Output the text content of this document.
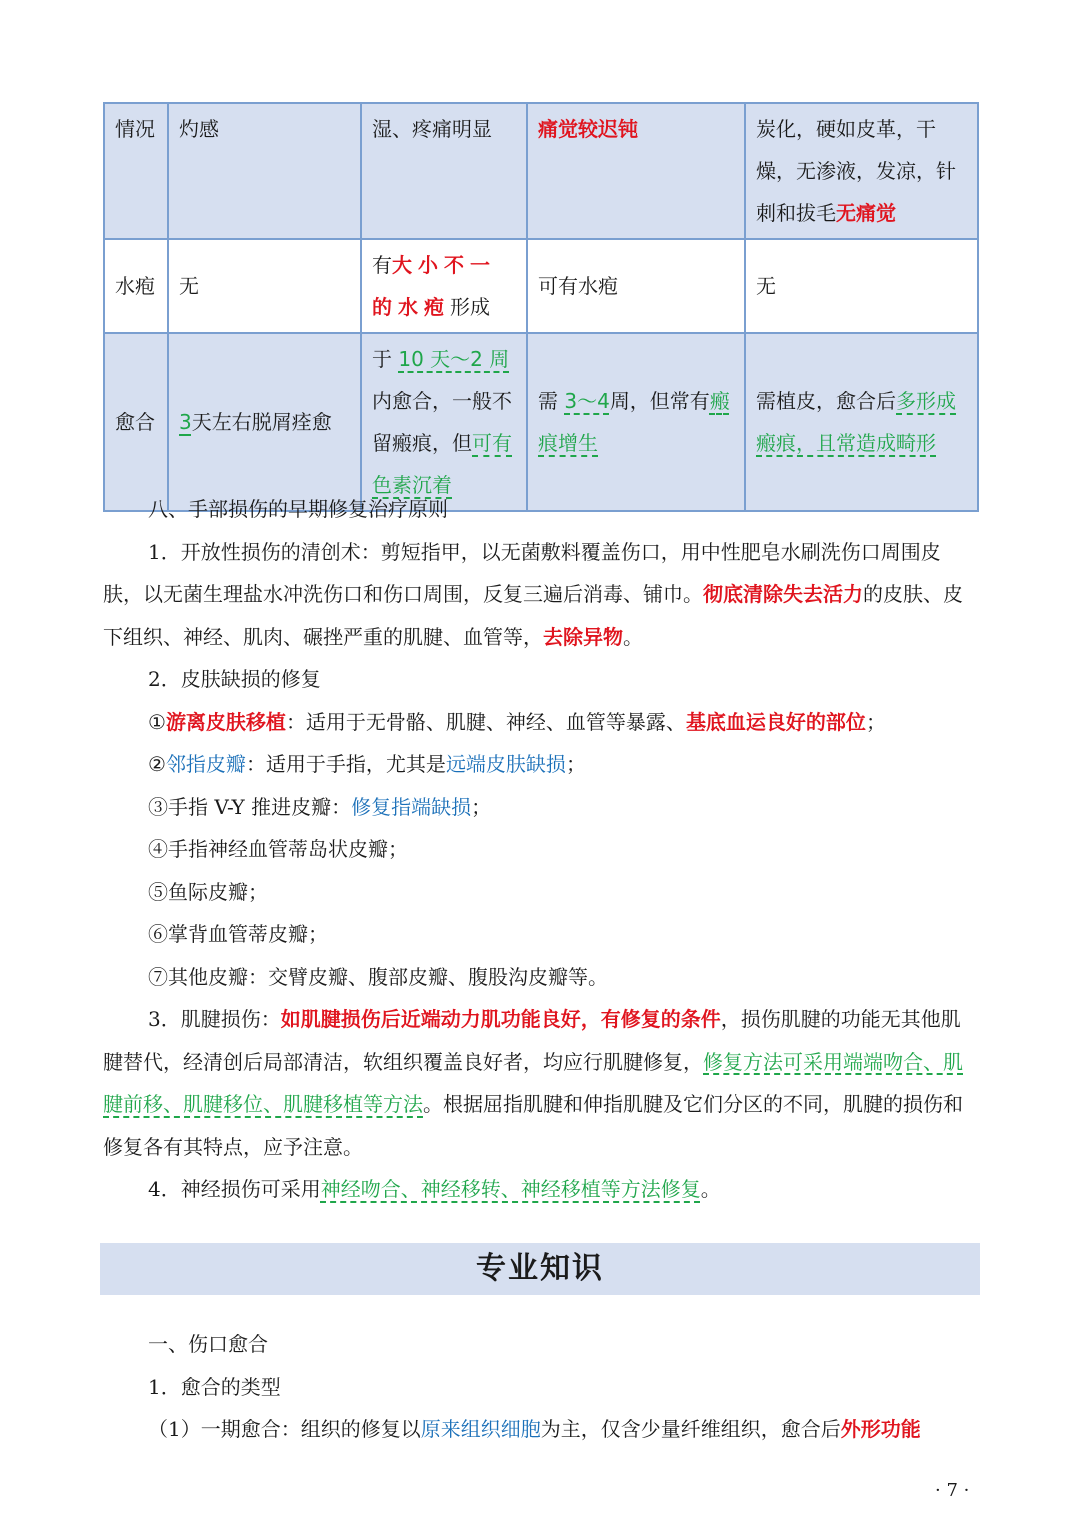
情况	灼感	湿、疼痛明显	痛觉较迟钝	炭化，硬如皮革，干燥，无渗液，发凉，针刺和拔毛无痛觉
水疱	无	有大小不一的水疱形成	可有水疱	无
愈合	3天左右脱屑痊愈	于 10 天～2 周内愈合，一般不留瘢痕，但可有色素沉着	需 3～4周，但常有瘢痕增生	需植皮，愈合后多形成瘢痕，且常造成畸形

八、手部损伤的早期修复治疗原则

1．开放性损伤的清创术：剪短指甲，以无菌敷料覆盖伤口，用中性肥皂水刷洗伤口周围皮肤，以无菌生理盐水冲洗伤口和伤口周围，反复三遍后消毒、铺巾。彻底清除失去活力的皮肤、皮下组织、神经、肌肉、碾挫严重的肌腱、血管等，去除异物。

2．皮肤缺损的修复

①游离皮肤移植：适用于无骨骼、肌腱、神经、血管等暴露、基底血运良好的部位；

②邻指皮瓣：适用于手指，尤其是远端皮肤缺损；

③手指 V-Y 推进皮瓣：修复指端缺损；

④手指神经血管蒂岛状皮瓣；

⑤鱼际皮瓣；

⑥掌背血管蒂皮瓣；

⑦其他皮瓣：交臂皮瓣、腹部皮瓣、腹股沟皮瓣等。

3．肌腱损伤：如肌腱损伤后近端动力肌功能良好，有修复的条件，损伤肌腱的功能无其他肌腱替代，经清创后局部清洁，软组织覆盖良好者，均应行肌腱修复，修复方法可采用端端吻合、肌腱前移、肌腱移位、肌腱移植等方法。根据屈指肌腱和伸指肌腱及它们分区的不同，肌腱的损伤和修复各有其特点，应予注意。

4．神经损伤可采用神经吻合、神经移转、神经移植等方法修复。

专业知识

一、伤口愈合

1．愈合的类型

（1）一期愈合：组织的修复以原来组织细胞为主，仅含少量纤维组织，愈合后外形功能

· 7 ·
